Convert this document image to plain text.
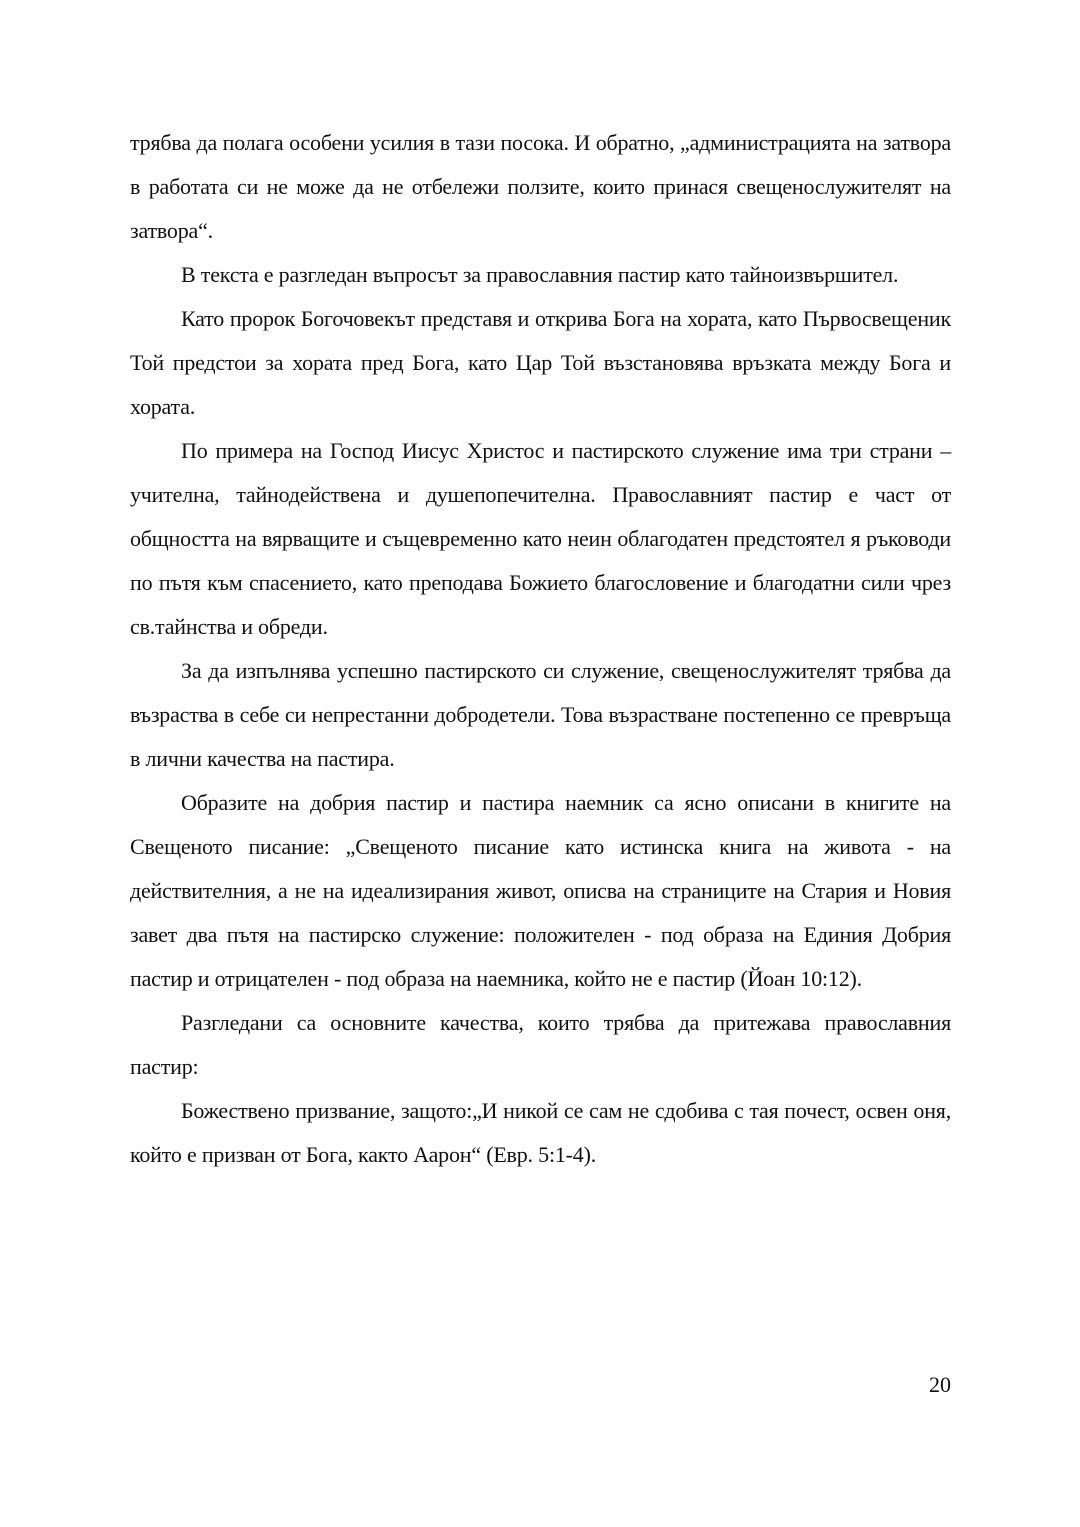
трябва да полага особени усилия в тази посока. И обратно, „администрацията на затвора в работата си не може да не отбележи ползите, които принася свещенослужителят на затвора“.

В текста е разгледан въпросът за православния пастир като тайноизвършител.

Като пророк Богочовекът представя и открива Бога на хората, като Първосвещеник Той предстои за хората пред Бога, като Цар Той възстановява връзката между Бога и хората.

По примера на Господ Иисус Христос и пастирското служение има три страни – учителна, тайнодействена и душепопечителна. Православният пастир е част от общността на вярващите и същевременно като неин облагодатен предстоятел я ръководи по пътя към спасението, като преподава Божието благословение и благодатни сили чрез св.тайнства и обреди.

За да изпълнява успешно пастирското си служение, свещенослужителят трябва да възраства в себе си непрестанни добродетели. Това възрастване постепенно се превръща в лични качества на пастира.

Образите на добрия пастир и пастира наемник са ясно описани в книгите на Свещеното писание: „Свещеното писание като истинска книга на живота - на действителния, а не на идеализирания живот, описва на страниците на Стария и Новия завет два пътя на пастирско служение: положителен - под образа на Единия Добрия пастир и отрицателен - под образа на наемника, който не е пастир (Йоан 10:12).

Разгледани са основните качества, които трябва да притежава православния пастир:

Божествено призвание, защото:„И никой се сам не сдобива с тая почест, освен оня, който е призван от Бога, както Аарон“ (Евр. 5:1-4).

20
